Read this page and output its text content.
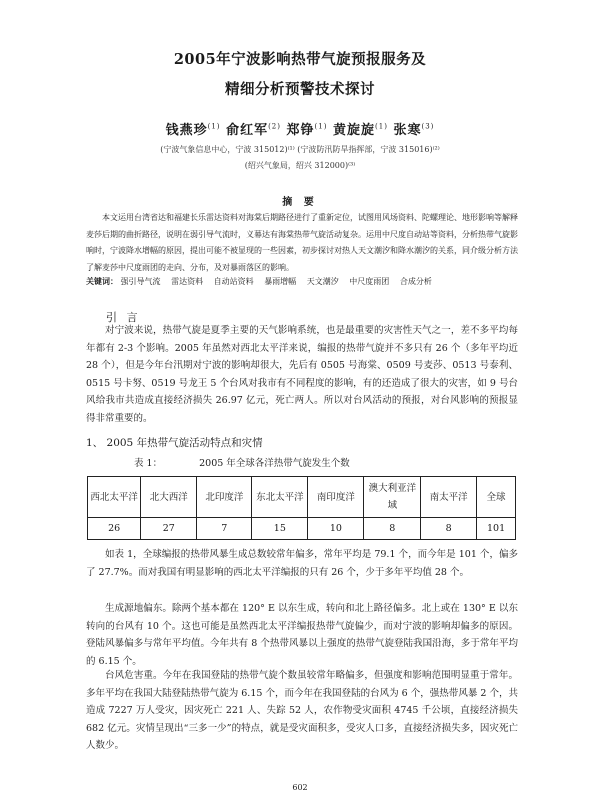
2005年宁波影响热带气旋预报服务及
精细分析预警技术探讨
钱燕珍$^{(1)}$ 俞红军$^{(2)}$ 郑铮$^{(1)}$ 黄旋旋$^{(1)}$ 张寒$^{(3)}$
(宁波气象信息中心，宁波 315012)⁽¹⁾ (宁波防汛防旱指挥部，宁波 315016)⁽²⁾
(绍兴气象局，绍兴 312000)⁽³⁾
摘 要
本文运用台湾省达和福建长乐雷达资料对海棠后期路径进行了重新定位，试图用风场资料、陀螺理论、地形影响等解释麦莎后期的曲折路径，说明在弱引导气流时，义幕达有海棠热带气旋活动复杂。运用中尺度自动站等资料，分析热带气旋影响时，宁波降水增幅的原因，提出可能不被显现的一些因素，初步探讨对热人天文潮汐和降水潮汐的关系，同介级分析方法了解麦莎中尺度雨团的走向、分布，及对暴雨落区的影响。
关键词： 强引导气流 雷达资料 自动站资料 暴雨增幅 天文潮汐 中尺度雨团 合成分析
引 言
对宁波来说，热带气旋是夏季主要的天气影响系统，也是最重要的灾害性天气之一，差不多平均每年都有 2-3 个影响。2005 年虽然对西北太平洋来说，编报的热带气旋并不多只有 26 个（多年平均近 28 个），但是今年台汛期对宁波的影响却很大，先后有 0505 号海棠、0509 号麦莎、0513 号泰利、0515 号卡努、0519 号龙王 5 个台风对我市有不同程度的影响，有的还造成了很大的灾害，如 9 号台风给我市共造成直接经济损失 26.97 亿元，死亡两人。所以对台风活动的预报，对台风影响的预报显得非常重要的。
1、 2005 年热带气旋活动特点和灾情
表 1：	2005 年全球各洋热带气旋发生个数
西北太平洋	北大西洋	北印度洋	东北太平洋	南印度洋	澳大利亚洋域	南太平洋	全球
26	27	7	15	10	8	8	101
如表 1，全球编报的热带风暴生成总数较常年偏多，常年平均是 79.1 个，而今年是 101 个，偏多了 27.7%。而对我国有明显影响的西北太平洋编报的只有 26 个，少于多年平均值 28 个。
生成源地偏东。除两个基本都在 120° E 以东生成，转向和北上路径偏多。北上或在 130° E 以东转向的台风有 10 个。这也可能是虽然西北太平洋编报热带气旋偏少，而对宁波的影响却偏多的原因。登陆风暴偏多与常年平均值。今年共有 8 个热带风暴以上强度的热带气旋登陆我国沿海，多于常年平均的 6.15 个。
台风危害重。今年在我国登陆的热带气旋个数虽较常年略偏多，但强度和影响范围明显重于常年。多年平均在我国大陆登陆热带气旋为 6.15 个，而今年在我国登陆的台风为 6 个，强热带风暴 2 个，共造成 7227 万人受灾，因灾死亡 221 人、失踪 52 人，农作物受灾面积 4745 千公顷，直接经济损失 682 亿元。灾情呈现出“三多一少”的特点，就是受灾面积多，受灾人口多，直接经济损失多，因灾死亡人数少。
602
